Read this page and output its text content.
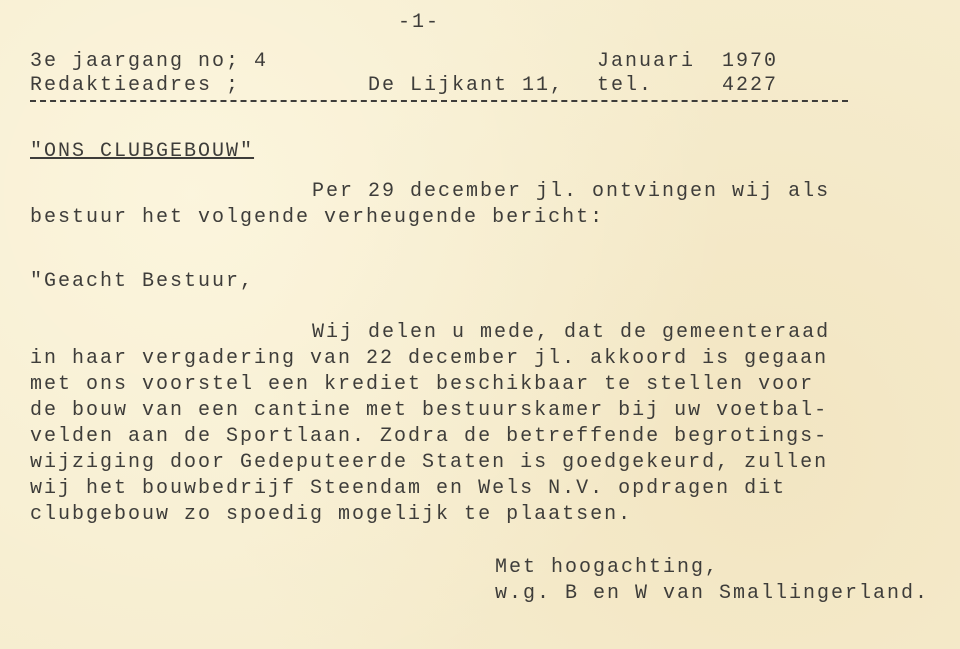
-1-
3e jaargang no; 4	Januari 1970
Redaktieadres ;	De Lijkant 11, tel.	4227
"ONS CLUBGEBOUW"
Per 29 december jl. ontvingen wij als
bestuur het volgende verheugende bericht:
"Geacht Bestuur,
Wij delen u mede, dat de gemeenteraad
in haar vergadering van 22 december jl. akkoord is gegaan
met ons voorstel een krediet beschikbaar te stellen voor
de bouw van een cantine met bestuurskamer bij uw voetbal-
velden aan de Sportlaan. Zodra de betreffende begrotings-
wijziging door Gedeputeerde Staten is goedgekeurd, zullen
wij het bouwbedrijf Steendam en Wels N.V. opdragen dit
clubgebouw zo spoedig mogelijk te plaatsen.
Met hoogachting,
w.g. B en W van Smallingerland.
